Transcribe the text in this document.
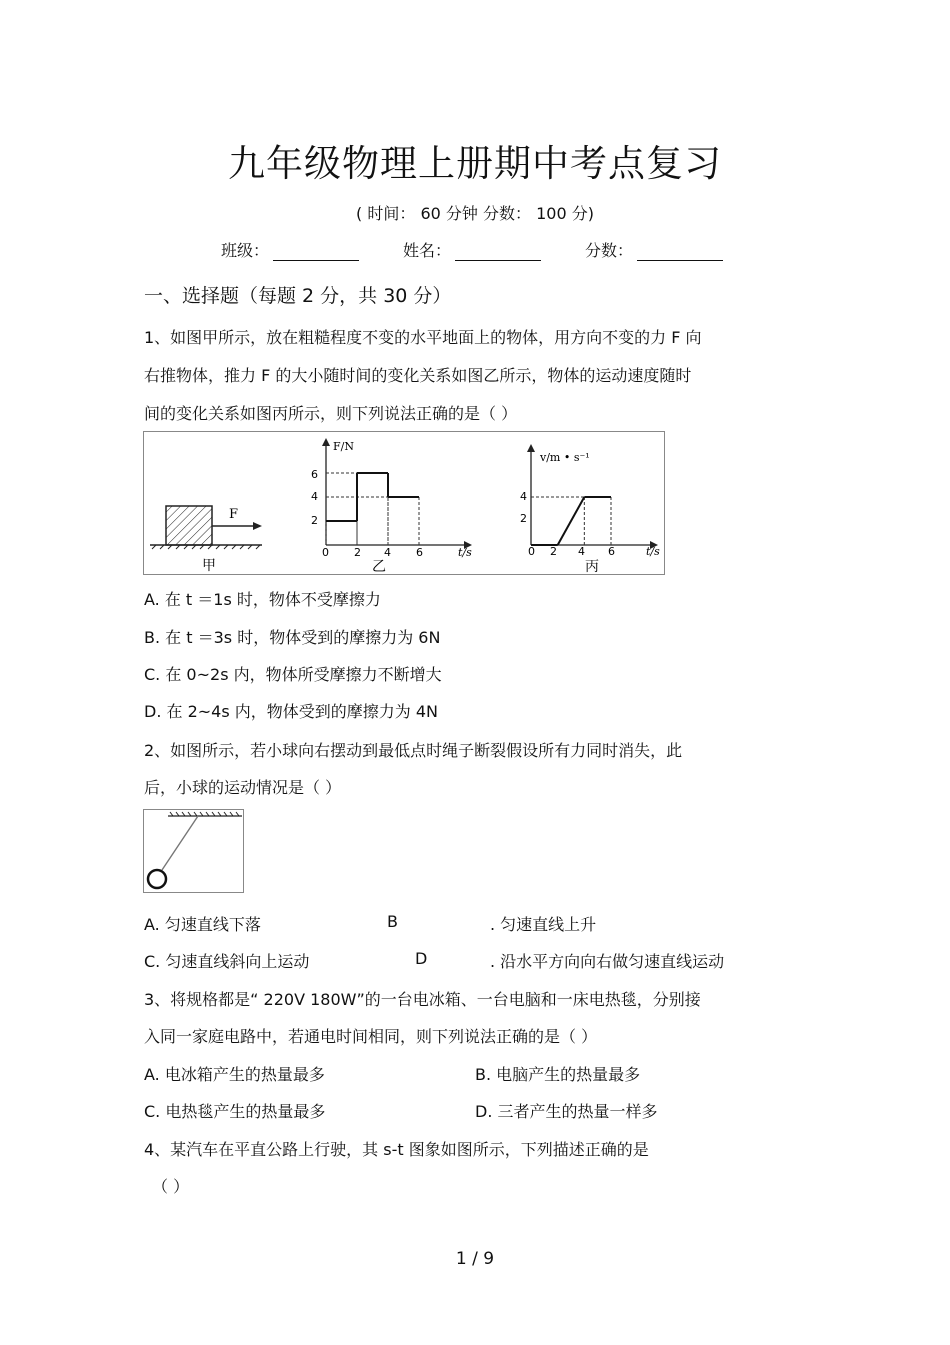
九年级物理上册期中考点复习
( 时间： 60 分钟 分数： 100 分)
班级：	姓名：	分数：
一、选择题（每题 2 分，共 30 分）
1、如图甲所示，放在粗糙程度不变的水平地面上的物体，用方向不变的力 F 向
右推物体，推力 F 的大小随时间的变化关系如图乙所示，物体的运动速度随时
间的变化关系如图丙所示，则下列说法正确的是（ ）
F
甲
F/N
t/s
6
4
2
0 2 4 6
乙
v/m • s⁻¹
t/s
4
2
0 2 4 6
丙
A. 在 t ＝1s 时，物体不受摩擦力
B. 在 t ＝3s 时，物体受到的摩擦力为 6N
C. 在 0~2s 内，物体所受摩擦力不断增大
D. 在 2~4s 内，物体受到的摩擦力为 4N
2、如图所示，若小球向右摆动到最低点时绳子断裂假设所有力同时消失，此
后，小球的运动情况是（ ）
A. 匀速直线下落	B	. 匀速直线上升
C. 匀速直线斜向上运动	D	. 沿水平方向向右做匀速直线运动
3、将规格都是“ 220V 180W”的一台电冰箱、一台电脑和一床电热毯，分别接
入同一家庭电路中，若通电时间相同，则下列说法正确的是（ ）
A. 电冰箱产生的热量最多	B. 电脑产生的热量最多
C. 电热毯产生的热量最多	D. 三者产生的热量一样多
4、某汽车在平直公路上行驶，其 s-t 图象如图所示，下列描述正确的是
（ ）
1 / 9
